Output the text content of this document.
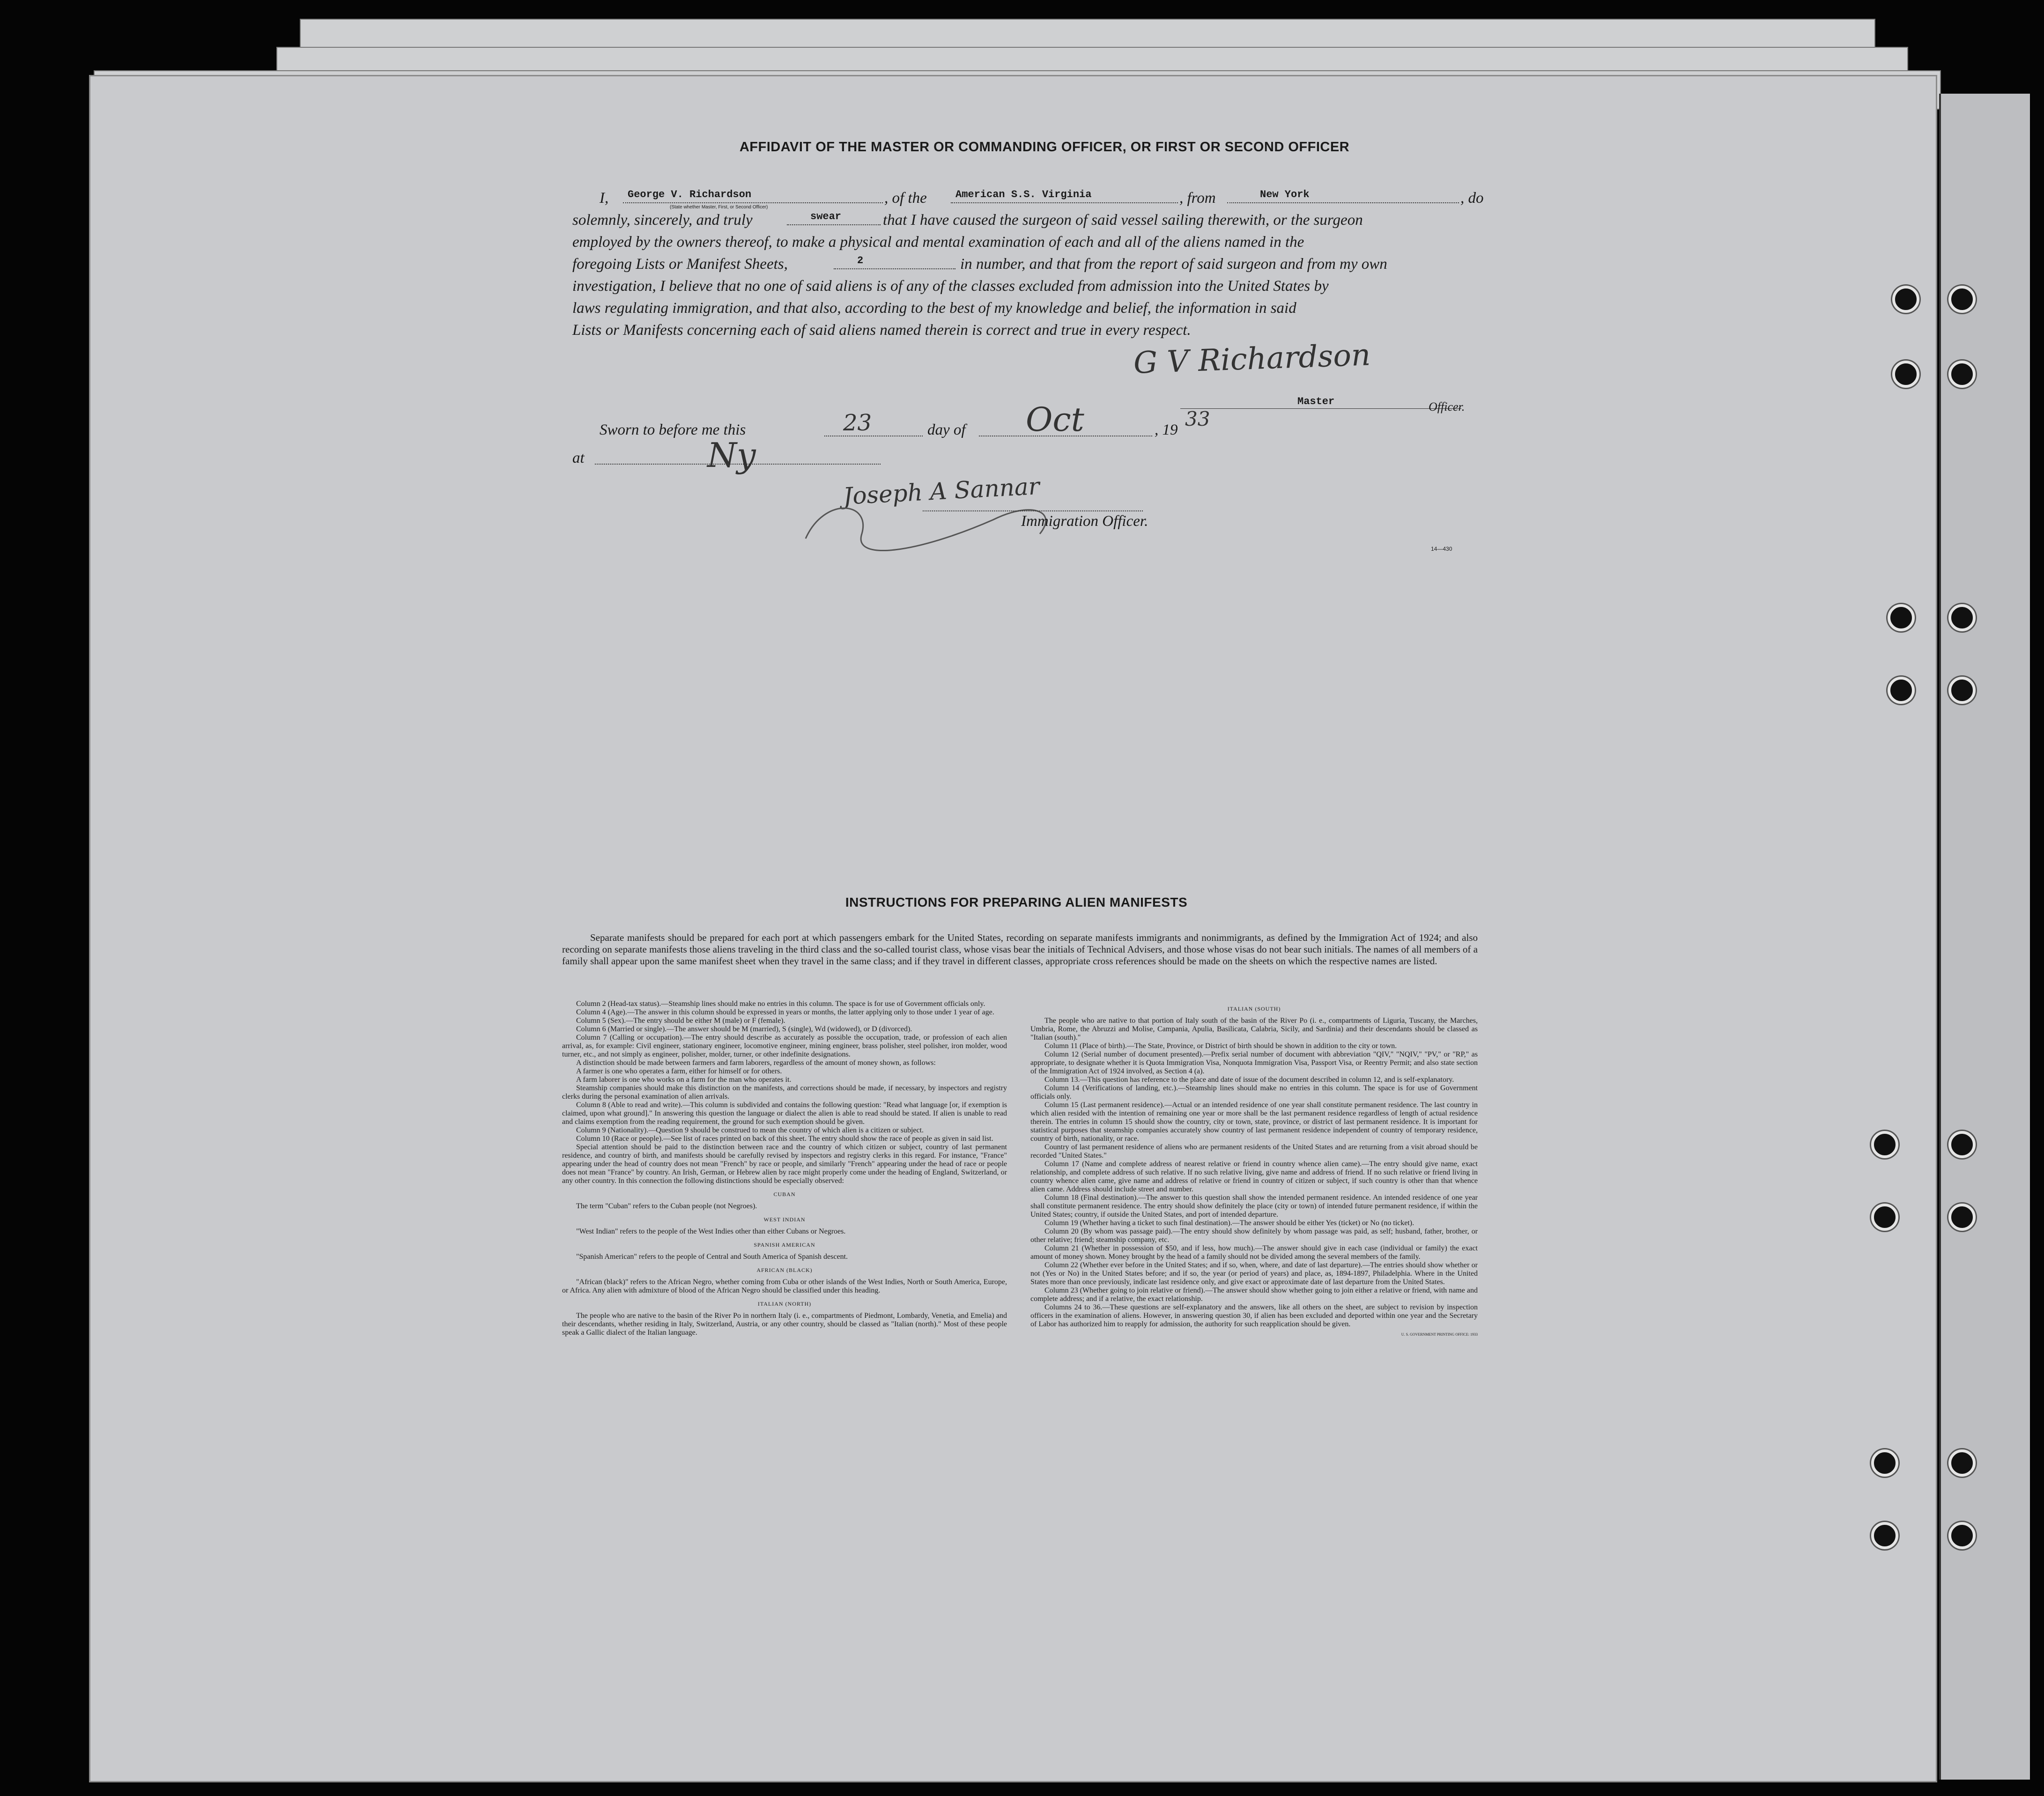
AFFIDAVIT OF THE MASTER OR COMMANDING OFFICER, OR FIRST OR SECOND OFFICER
I, George V. Richardson
(State whether Master, First, or Second Officer)
, of the	American S.S. Virginia	, from	New York	, do
solemnly, sincerely, and truly	swear	that I have caused the surgeon of said vessel sailing therewith, or the surgeon
employed by the owners thereof, to make a physical and mental examination of each and all of the aliens named in the
foregoing Lists or Manifest Sheets,	2	in number, and that from the report of said surgeon and from my own
investigation, I believe that no one of said aliens is of any of the classes excluded from admission into the United States by
laws regulating immigration, and that also, according to the best of my knowledge and belief, the information in said
Lists or Manifests concerning each of said aliens named therein is correct and true in every respect.
G V Richardson
Master	Officer.
Sworn to before me this	23	day of Oct	, 19 33
at	Ny
Joseph A Sannar
Immigration Officer.
14—430
INSTRUCTIONS FOR PREPARING ALIEN MANIFESTS
Separate manifests should be prepared for each port at which passengers embark for the United States, recording on separate manifests immigrants and nonimmigrants, as defined by the Immigration Act of 1924; and also recording on separate manifests those aliens traveling in the third class and the so-called tourist class, whose visas bear the initials of Technical Advisers, and those whose visas do not bear such initials. The names of all members of a family shall appear upon the same manifest sheet when they travel in the same class; and if they travel in different classes, appropriate cross references should be made on the sheets on which the respective names are listed.

Column 2 (Head-tax status).—Steamship lines should make no entries in this column. The space is for use of Government officials only.

Column 4 (Age).—The answer in this column should be expressed in years or months, the latter applying only to those under 1 year of age.

Column 5 (Sex).—The entry should be either M (male) or F (female).

Column 6 (Married or single).—The answer should be M (married), S (single), Wd (widowed), or D (divorced).

Column 7 (Calling or occupation).—The entry should describe as accurately as possible the occupation, trade, or profession of each alien arrival, as, for example: Civil engineer, stationary engineer, locomotive engineer, mining engineer, brass polisher, steel polisher, iron molder, wood turner, etc., and not simply as engineer, polisher, molder, turner, or other indefinite designations.

A distinction should be made between farmers and farm laborers, regardless of the amount of money shown, as follows:

A farmer is one who operates a farm, either for himself or for others.

A farm laborer is one who works on a farm for the man who operates it.

Steamship companies should make this distinction on the manifests, and corrections should be made, if necessary, by inspectors and registry clerks during the personal examination of alien arrivals.

Column 8 (Able to read and write).—This column is subdivided and contains the following question: "Read what language [or, if exemption is claimed, upon what ground]." In answering this question the language or dialect the alien is able to read should be stated. If alien is unable to read and claims exemption from the reading requirement, the ground for such exemption should be given.

Column 9 (Nationality).—Question 9 should be construed to mean the country of which alien is a citizen or subject.

Column 10 (Race or people).—See list of races printed on back of this sheet. The entry should show the race of people as given in said list.

Special attention should be paid to the distinction between race and the country of which citizen or subject, country of last permanent residence, and country of birth, and manifests should be carefully revised by inspectors and registry clerks in this regard. For instance, "France" appearing under the head of country does not mean "French" by race or people, and similarly "French" appearing under the head of race or people does not mean "France" by country. An Irish, German, or Hebrew alien by race might properly come under the heading of England, Switzerland, or any other country. In this connection the following distinctions should be especially observed:

CUBAN

The term "Cuban" refers to the Cuban people (not Negroes).

WEST INDIAN

"West Indian" refers to the people of the West Indies other than either Cubans or Negroes.

SPANISH AMERICAN

"Spanish American" refers to the people of Central and South America of Spanish descent.

AFRICAN (BLACK)

"African (black)" refers to the African Negro, whether coming from Cuba or other islands of the West Indies, North or South America, Europe, or Africa. Any alien with admixture of blood of the African Negro should be classified under this heading.

ITALIAN (NORTH)

The people who are native to the basin of the River Po in northern Italy (i. e., compartments of Piedmont, Lombardy, Venetia, and Emelia) and their descendants, whether residing in Italy, Switzerland, Austria, or any other country, should be classed as "Italian (north)." Most of these people speak a Gallic dialect of the Italian language.

ITALIAN (SOUTH)

The people who are native to that portion of Italy south of the basin of the River Po (i. e., compartments of Liguria, Tuscany, the Marches, Umbria, Rome, the Abruzzi and Molise, Campania, Apulia, Basilicata, Calabria, Sicily, and Sardinia) and their descendants should be classed as "Italian (south)."

Column 11 (Place of birth).—The State, Province, or District of birth should be shown in addition to the city or town.

Column 12 (Serial number of document presented).—Prefix serial number of document with abbreviation "QIV," "NQIV," "PV," or "RP," as appropriate, to designate whether it is Quota Immigration Visa, Nonquota Immigration Visa, Passport Visa, or Reentry Permit; and also state section of the Immigration Act of 1924 involved, as Section 4 (a).

Column 13.—This question has reference to the place and date of issue of the document described in column 12, and is self-explanatory.

Column 14 (Verifications of landing, etc.).—Steamship lines should make no entries in this column. The space is for use of Government officials only.

Column 15 (Last permanent residence).—Actual or an intended residence of one year shall constitute permanent residence. The last country in which alien resided with the intention of remaining one year or more shall be the last permanent residence regardless of length of actual residence therein. The entries in column 15 should show the country, city or town, state, province, or district of last permanent residence. It is important for statistical purposes that steamship companies accurately show country of last permanent residence independent of country of temporary residence, country of birth, nationality, or race.

Country of last permanent residence of aliens who are permanent residents of the United States and are returning from a visit abroad should be recorded "United States."

Column 17 (Name and complete address of nearest relative or friend in country whence alien came).—The entry should give name, exact relationship, and complete address of such relative. If no such relative living, give name and address of friend. If no such relative or friend living in country whence alien came, give name and address of relative or friend in country of citizen or subject, if such country is other than that whence alien came. Address should include street and number.

Column 18 (Final destination).—The answer to this question shall show the intended permanent residence. An intended residence of one year shall constitute permanent residence. The entry should show definitely the place (city or town) of intended future permanent residence, if within the United States; country, if outside the United States, and port of intended departure.

Column 19 (Whether having a ticket to such final destination).—The answer should be either Yes (ticket) or No (no ticket).

Column 20 (By whom was passage paid).—The entry should show definitely by whom passage was paid, as self; husband, father, brother, or other relative; friend; steamship company, etc.

Column 21 (Whether in possession of $50, and if less, how much).—The answer should give in each case (individual or family) the exact amount of money shown. Money brought by the head of a family should not be divided among the several members of the family.

Column 22 (Whether ever before in the United States; and if so, when, where, and date of last departure).—The entries should show whether or not (Yes or No) in the United States before; and if so, the year (or period of years) and place, as, 1894-1897, Philadelphia. Where in the United States more than once previously, indicate last residence only, and give exact or approximate date of last departure from the United States.

Column 23 (Whether going to join relative or friend).—The answer should show whether going to join either a relative or friend, with name and complete address; and if a relative, the exact relationship.

Columns 24 to 36.—These questions are self-explanatory and the answers, like all others on the sheet, are subject to revision by inspection officers in the examination of aliens. However, in answering question 30, if alien has been excluded and deported within one year and the Secretary of Labor has authorized him to reapply for admission, the authority for such reapplication should be given.

U. S. GOVERNMENT PRINTING OFFICE: 1933
